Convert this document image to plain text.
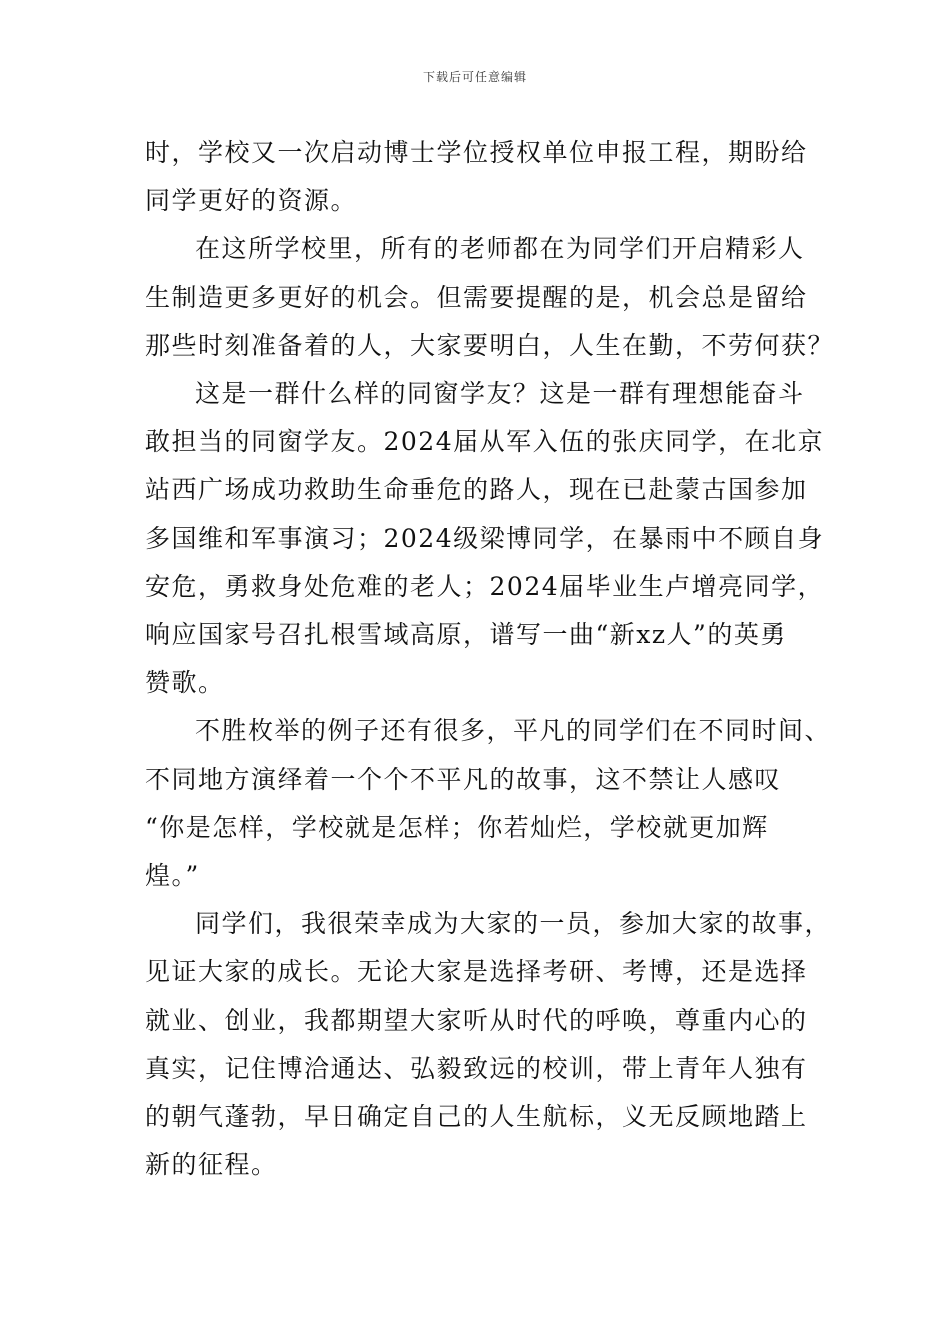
下载后可任意编辑

时，学校又一次启动博士学位授权单位申报工程，期盼给
同学更好的资源。

在这所学校里，所有的老师都在为同学们开启精彩人
生制造更多更好的机会。但需要提醒的是，机会总是留给
那些时刻准备着的人，大家要明白，人生在勤，不劳何获？

这是一群什么样的同窗学友？这是一群有理想能奋斗
敢担当的同窗学友。2024届从军入伍的张庆同学，在北京
站西广场成功救助生命垂危的路人，现在已赴蒙古国参加
多国维和军事演习；2024级梁博同学，在暴雨中不顾自身
安危，勇救身处危难的老人；2024届毕业生卢增亮同学，
响应国家号召扎根雪域高原，谱写一曲“新xz人”的英勇
赞歌。

不胜枚举的例子还有很多，平凡的同学们在不同时间、
不同地方演绎着一个个不平凡的故事，这不禁让人感叹
“你是怎样，学校就是怎样；你若灿烂，学校就更加辉
煌。”

同学们，我很荣幸成为大家的一员，参加大家的故事，
见证大家的成长。无论大家是选择考研、考博，还是选择
就业、创业，我都期望大家听从时代的呼唤，尊重内心的
真实，记住博洽通达、弘毅致远的校训，带上青年人独有
的朝气蓬勃，早日确定自己的人生航标，义无反顾地踏上
新的征程。
